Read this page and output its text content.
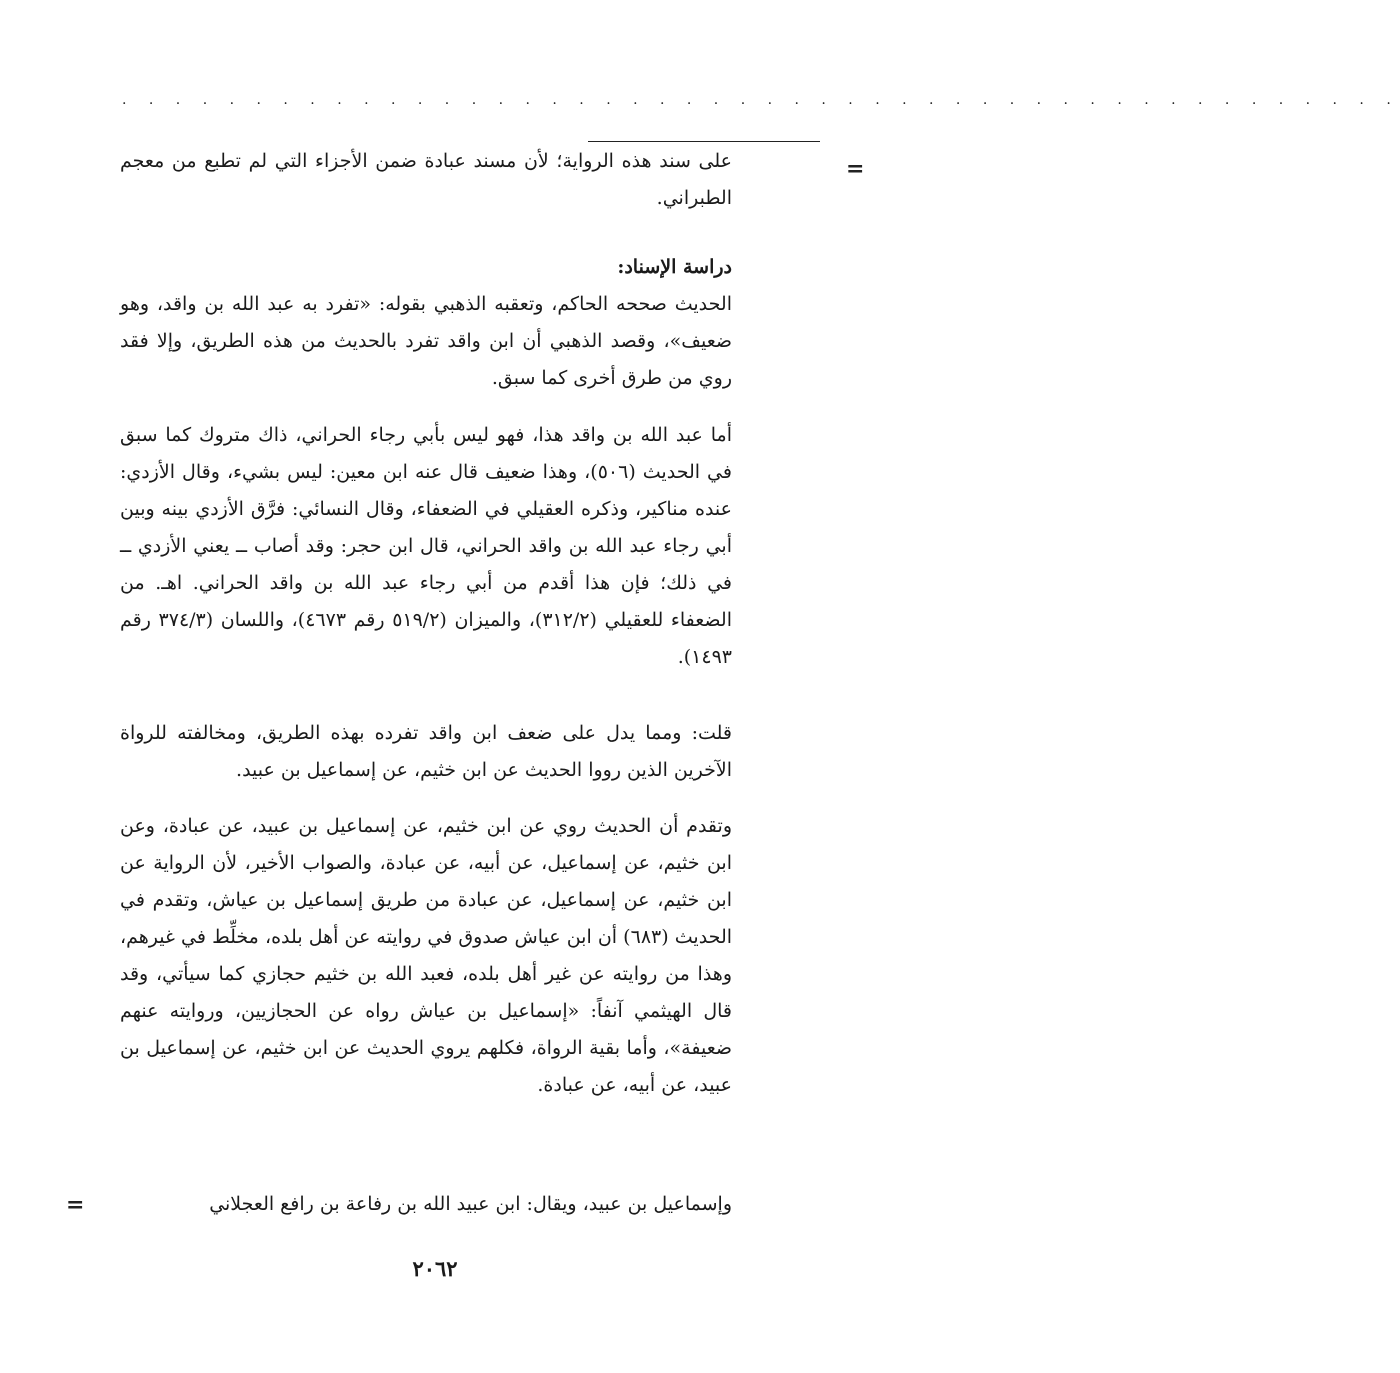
. . . . . . . . . . . . . . . . . . . . . . . . . . . . . . . . . . . . . . . . . . . . . . . .
=

على سند هذه الرواية؛ لأن مسند عبادة ضمن الأجزاء التي لم تطبع من معجم الطبراني.

دراسة الإسناد:

الحديث صححه الحاكم، وتعقبه الذهبي بقوله: «تفرد به عبد الله بن واقد، وهو ضعيف»، وقصد الذهبي أن ابن واقد تفرد بالحديث من هذه الطريق، وإلا فقد روي من طرق أخرى كما سبق.

أما عبد الله بن واقد هذا، فهو ليس بأبي رجاء الحراني، ذاك متروك كما سبق في الحديث (٥٠٦)، وهذا ضعيف قال عنه ابن معين: ليس بشيء، وقال الأزدي: عنده مناكير، وذكره العقيلي في الضعفاء، وقال النسائي: فرَّق الأزدي بينه وبين أبي رجاء عبد الله بن واقد الحراني، قال ابن حجر: وقد أصاب ــ يعني الأزدي ــ في ذلك؛ فإن هذا أقدم من أبي رجاء عبد الله بن واقد الحراني. اهـ. من الضعفاء للعقيلي (٣١٢/٢)، والميزان (٥١٩/٢ رقم ٤٦٧٣)، واللسان (٣٧٤/٣ رقم ١٤٩٣).

قلت: ومما يدل على ضعف ابن واقد تفرده بهذه الطريق، ومخالفته للرواة الآخرين الذين رووا الحديث عن ابن خثيم، عن إسماعيل بن عبيد.

وتقدم أن الحديث روي عن ابن خثيم، عن إسماعيل بن عبيد، عن عبادة، وعن ابن خثيم، عن إسماعيل، عن أبيه، عن عبادة، والصواب الأخير، لأن الرواية عن ابن خثيم، عن إسماعيل، عن عبادة من طريق إسماعيل بن عياش، وتقدم في الحديث (٦٨٣) أن ابن عياش صدوق في روايته عن أهل بلده، مخلِّط في غيرهم، وهذا من روايته عن غير أهل بلده، فعبد الله بن خثيم حجازي كما سيأتي، وقد قال الهيثمي آنفاً: «إسماعيل بن عياش رواه عن الحجازيين، وروايته عنهم ضعيفة»، وأما بقية الرواة، فكلهم يروي الحديث عن ابن خثيم، عن إسماعيل بن عبيد، عن أبيه، عن عبادة.

وإسماعيل بن عبيد، ويقال: ابن عبيد الله بن رفاعة بن رافع العجلاني

=
٢٠٦٢
